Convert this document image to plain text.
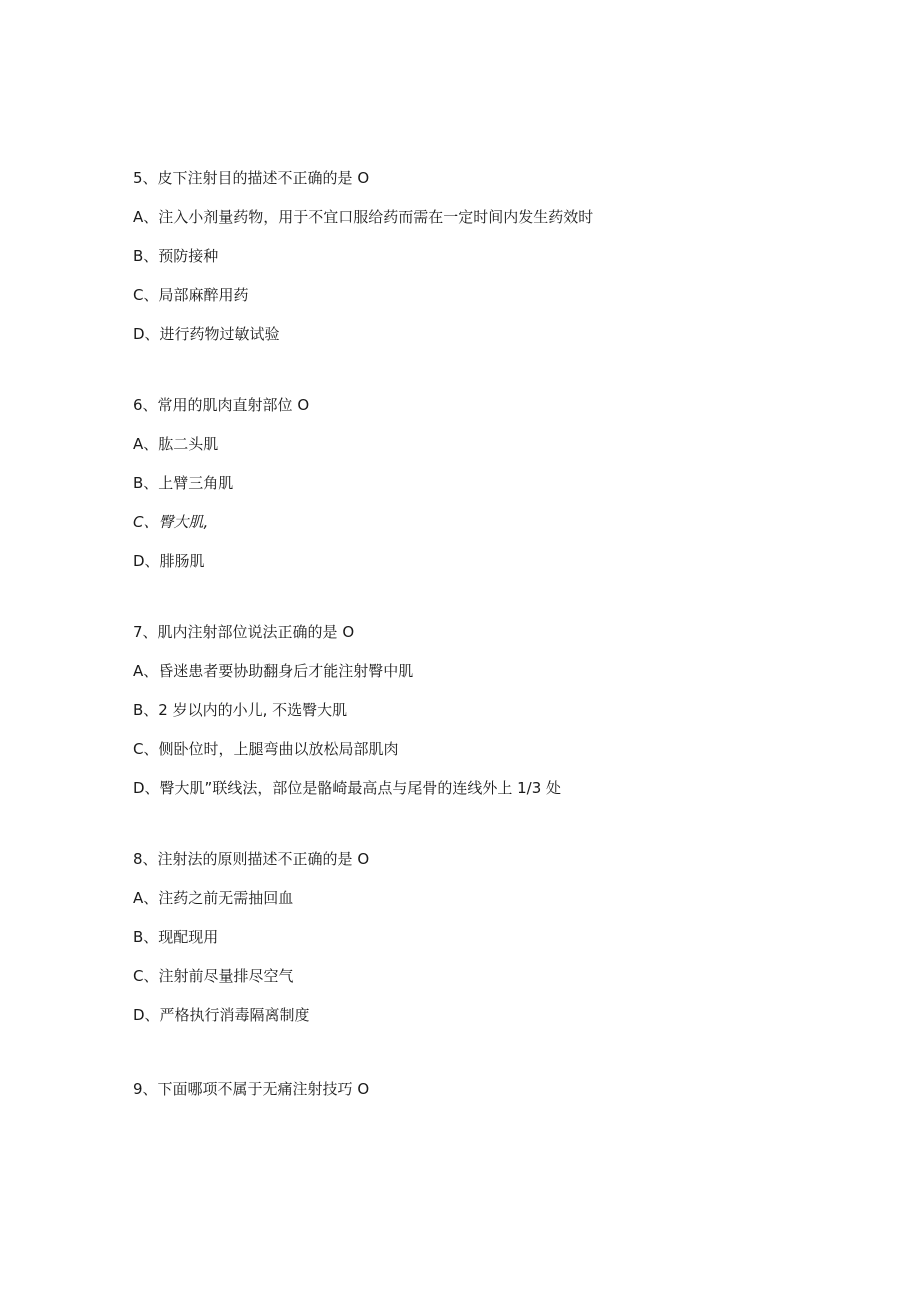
5、皮下注射目的描述不正确的是 O
A、注入小剂量药物，用于不宜口服给药而需在一定时间内发生药效时
B、预防接种
C、局部麻醉用药
D、进行药物过敏试验
6、常用的肌肉直射部位 O
A、肱二头肌
B、上臂三角肌
C、臀大肌,
D、腓肠肌
7、肌内注射部位说法正确的是 O
A、昏迷患者要协助翻身后才能注射臀中肌
B、2 岁以内的小儿, 不选臀大肌
C、侧卧位时，上腿弯曲以放松局部肌肉
D、臀大肌”联线法，部位是骼崎最高点与尾骨的连线外上 1/3 处
8、注射法的原则描述不正确的是 O
A、注药之前无需抽回血
B、现配现用
C、注射前尽量排尽空气
D、严格执行消毒隔离制度
9、下面哪项不属于无痛注射技巧 O
